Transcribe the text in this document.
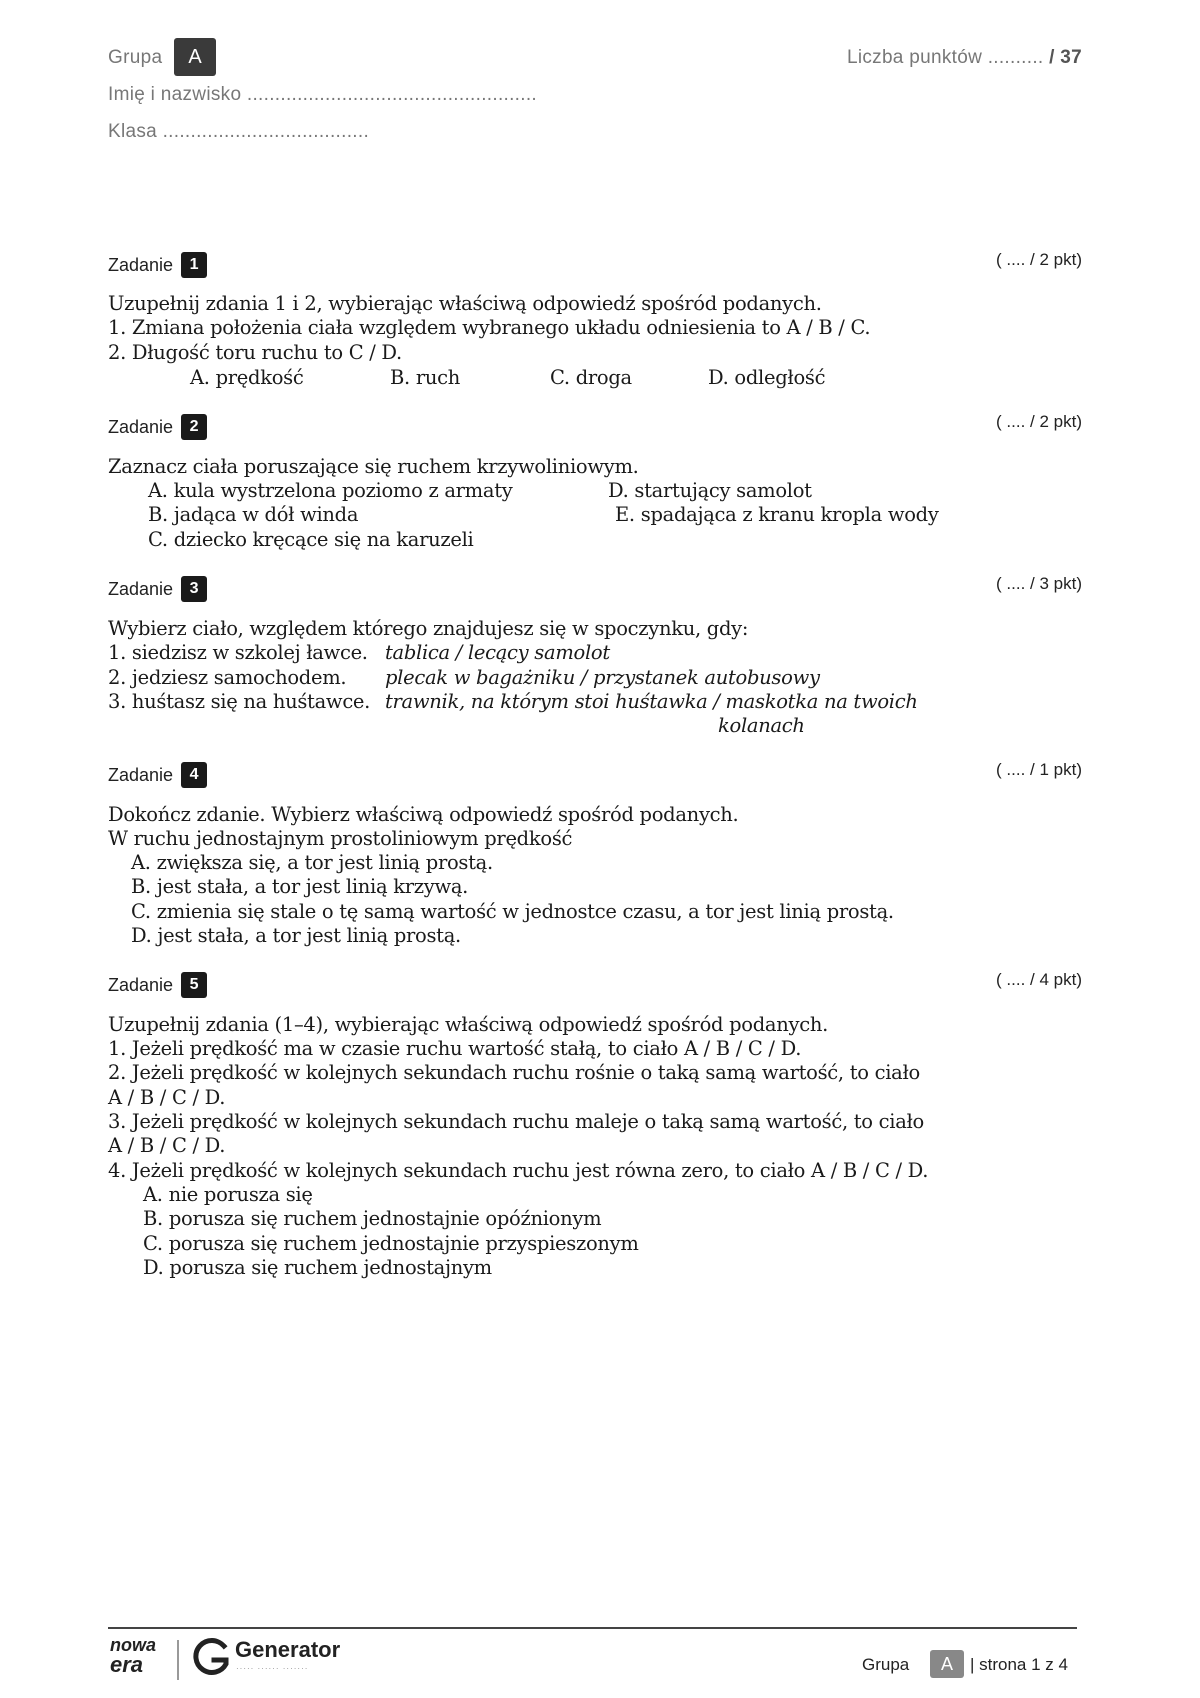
Grupa	A	Liczba punktów .......... / 37
Imię i nazwisko ....................................................
Klasa .....................................
Zadanie	1	( .... / 2 pkt)
Uzupełnij zdania 1 i 2, wybierając właściwą odpowiedź spośród podanych.
1. Zmiana położenia ciała względem wybranego układu odniesienia to A / B / C.
2. Długość toru ruchu to C / D.
A. prędkość	B. ruch	C. droga	D. odległość
Zadanie	2	( .... / 2 pkt)
Zaznacz ciała poruszające się ruchem krzywoliniowym.
A. kula wystrzelona poziomo z armaty
B. jadąca w dół winda
C. dziecko kręcące się na karuzeli
D. startujący samolot
E. spadająca z kranu kropla wody
Zadanie	3	( .... / 3 pkt)
Wybierz ciało, względem którego znajdujesz się w spoczynku, gdy:
1. siedzisz w szkolej ławce. tablica / lecący samolot
2. jedziesz samochodem. plecak w bagażniku / przystanek autobusowy
3. huśtasz się na huśtawce. trawnik, na którym stoi huśtawka / maskotka na twoich
kolanach
Zadanie	4	( .... / 1 pkt)
Dokończ zdanie. Wybierz właściwą odpowiedź spośród podanych.
W ruchu jednostajnym prostoliniowym prędkość
A. zwiększa się, a tor jest linią prostą.
B. jest stała, a tor jest linią krzywą.
C. zmienia się stale o tę samą wartość w jednostce czasu, a tor jest linią prostą.
D. jest stała, a tor jest linią prostą.
Zadanie	5	( .... / 4 pkt)
Uzupełnij zdania (1–4), wybierając właściwą odpowiedź spośród podanych.
1. Jeżeli prędkość ma w czasie ruchu wartość stałą, to ciało A / B / C / D.
2. Jeżeli prędkość w kolejnych sekundach ruchu rośnie o taką samą wartość, to ciało
A / B / C / D.
3. Jeżeli prędkość w kolejnych sekundach ruchu maleje o taką samą wartość, to ciało
A / B / C / D.
4. Jeżeli prędkość w kolejnych sekundach ruchu jest równa zero, to ciało A / B / C / D.
A. nie porusza się
B. porusza się ruchem jednostajnie opóźnionym
C. porusza się ruchem jednostajnie przyspieszonym
D. porusza się ruchem jednostajnym
nowa
era
Generator
····· ······ ·······	Grupa	A	| strona 1 z 4
